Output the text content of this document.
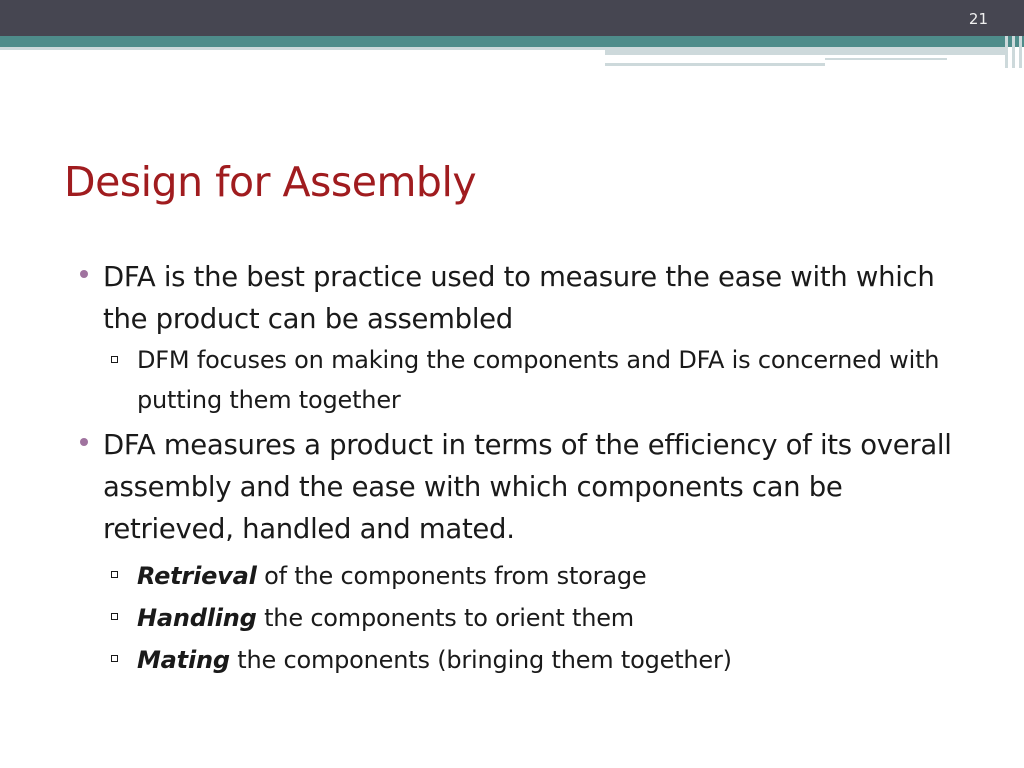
21
Design for Assembly
DFA is the best practice used to measure the ease with which the product can be assembled
DFM focuses on making the components and DFA is concerned with putting them together
DFA measures a product in terms of the efficiency of its overall assembly and the ease with which components can be retrieved, handled and mated.
Retrieval of the components from storage
Handling the components to orient them
Mating the components (bringing them together)
